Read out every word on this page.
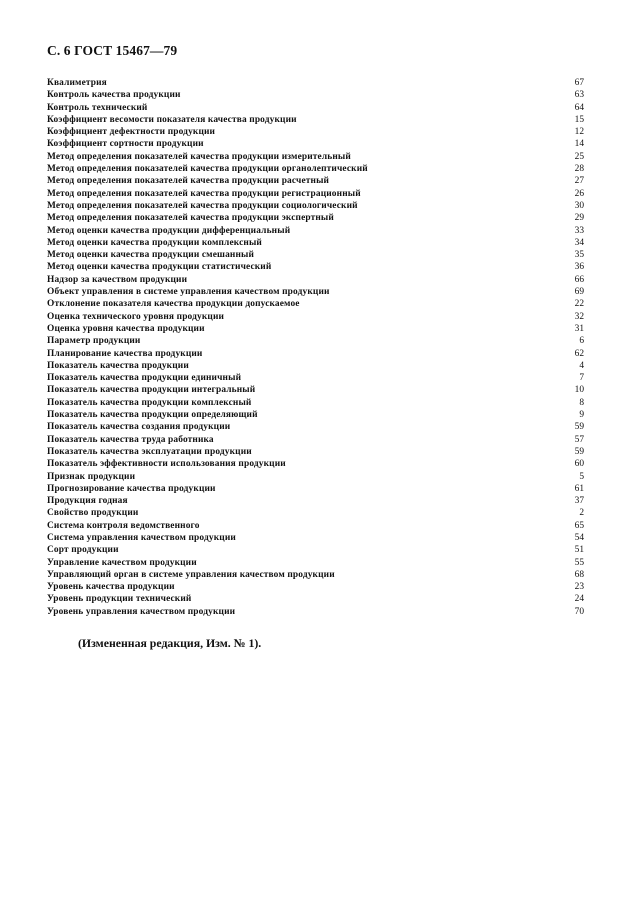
С. 6 ГОСТ 15467—79
Квалиметрия	67
Контроль качества продукции	63
Контроль технический	64
Коэффициент весомости показателя качества продукции	15
Коэффициент дефектности продукции	12
Коэффициент сортности продукции	14
Метод определения показателей качества продукции измерительный	25
Метод определения показателей качества продукции органолептический	28
Метод определения показателей качества продукции расчетный	27
Метод определения показателей качества продукции регистрационный	26
Метод определения показателей качества продукции социологический	30
Метод определения показателей качества продукции экспертный	29
Метод оценки качества продукции дифференциальный	33
Метод оценки качества продукции комплексный	34
Метод оценки качества продукции смешанный	35
Метод оценки качества продукции статистический	36
Надзор за качеством продукции	66
Объект управления в системе управления качеством продукции	69
Отклонение показателя качества продукции допускаемое	22
Оценка технического уровня продукции	32
Оценка уровня качества продукции	31
Параметр продукции	6
Планирование качества продукции	62
Показатель качества продукции	4
Показатель качества продукции единичный	7
Показатель качества продукции интегральный	10
Показатель качества продукции комплексный	8
Показатель качества продукции определяющий	9
Показатель качества создания продукции	59
Показатель качества труда работника	57
Показатель качества эксплуатации продукции	59
Показатель эффективности использования продукции	60
Признак продукции	5
Прогнозирование качества продукции	61
Продукция годная	37
Свойство продукции	2
Система контроля ведомственного	65
Система управления качеством продукции	54
Сорт продукции	51
Управление качеством продукции	55
Управляющий орган в системе управления качеством продукции	68
Уровень качества продукции	23
Уровень продукции технический	24
Уровень управления качеством продукции	70
(Измененная редакция, Изм. № 1).
